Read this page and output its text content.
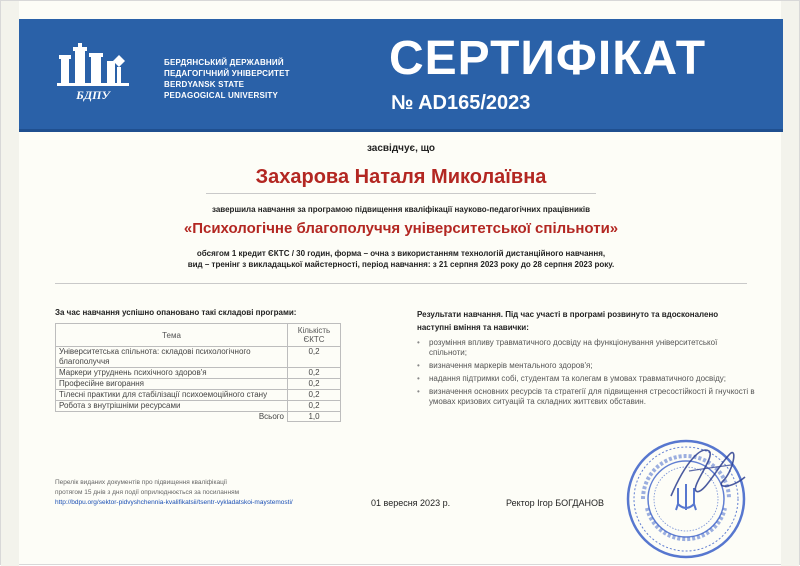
БДПУ
БЕРДЯНСЬКИЙ ДЕРЖАВНИЙ
ПЕДАГОГІЧНИЙ УНІВЕРСИТЕТ
BERDYANSK STATE
PEDAGOGICAL UNIVERSITY
СЕРТИФІКАТ
№ AD165/2023
засвідчує, що
Захарова Наталя Миколаївна
завершила навчання за програмою підвищення кваліфікації науково-педагогічних працівників
«Психологічне благополуччя університетської спільноти»
обсягом 1 кредит ЄКТС / 30 годин, форма – очна з використанням технологій дистанційного навчання,
вид – тренінг з викладацької майстерності, період навчання: з 21 серпня 2023 року до 28 серпня 2023 року.
За час навчання успішно опановано такі складові програми:
Тема	Кількість
ЄКТС
Університетська спільнота: складові психологічного благополуччя	0,2
Маркери утруднень психічного здоров'я	0,2
Професійне вигорання	0,2
Тілесні практики для стабілізації психоемоційного стану	0,2
Робота з внутрішніми ресурсами	0,2
Всього	1,0
Результати навчання. Під час участі в програмі розвинуто та вдосконалено наступні вміння та навички:
• розуміння впливу травматичного досвіду на функціонування університетської спільноти;
• визначення маркерів ментального здоров'я;
• надання підтримки собі, студентам та колегам в умовах травматичного досвіду;
• визначення основних ресурсів та стратегії для підвищення стресостійкості й гнучкості в умовах кризових ситуацій та складних життєвих обставин.
Перелік виданих документів про підвищення кваліфікації
протягом 15 днів з дня події оприлюднюється за посиланням
http://bdpu.org/sektor-pidvyshchennia-kvalifikatsii/tsentr-vykladatskoi-maystemosti/	01 вересня 2023 р.	Ректор Ігор БОГДАНОВ
